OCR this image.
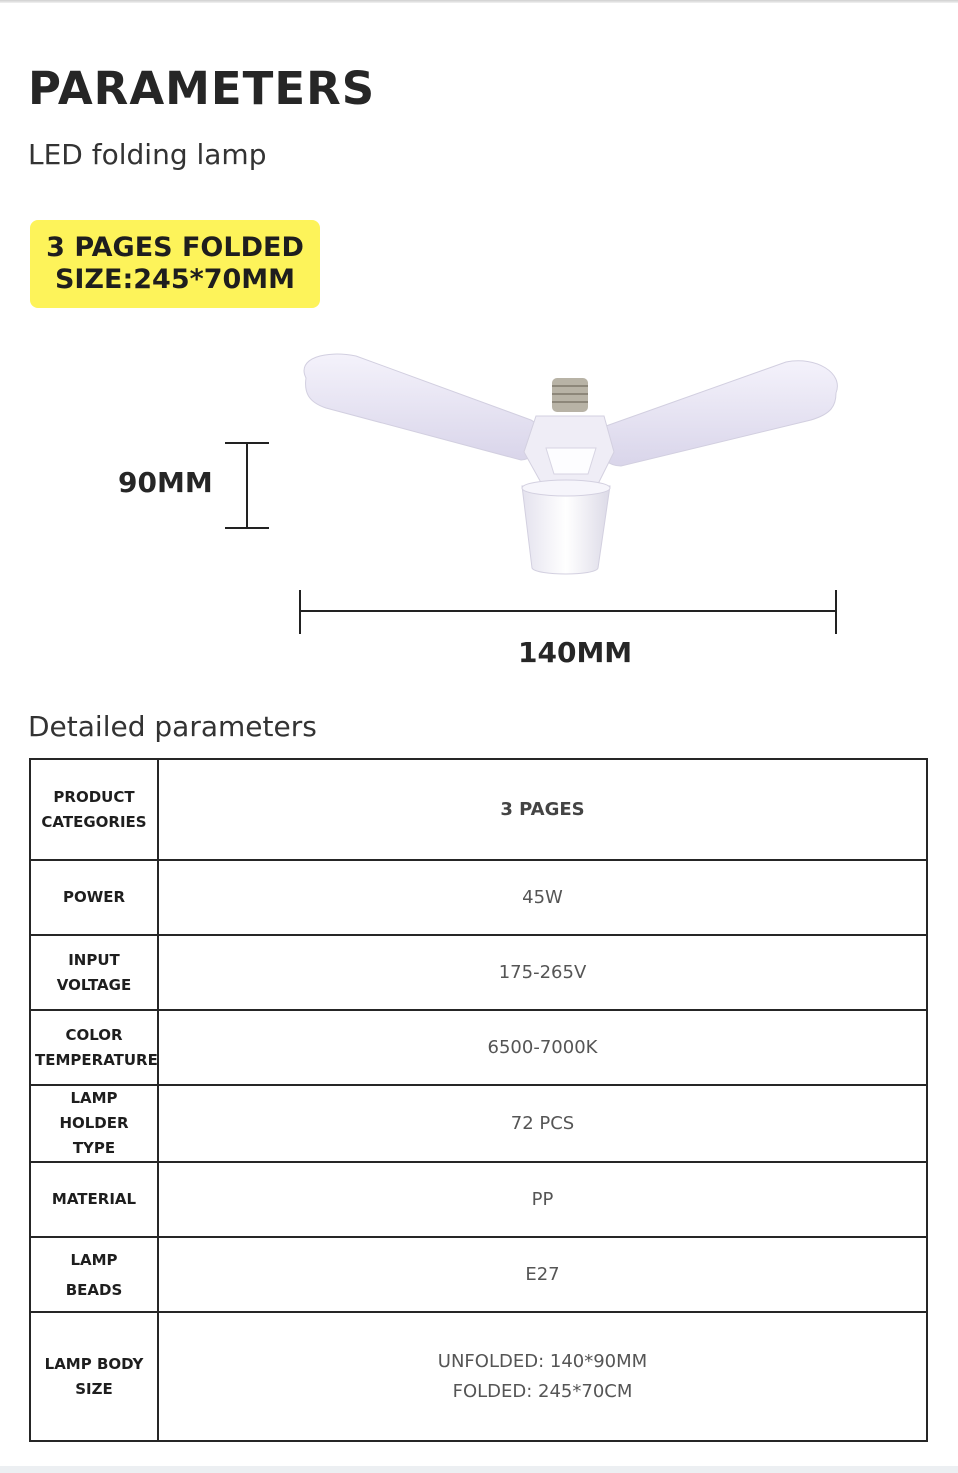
PARAMETERS
LED folding lamp
3 PAGES FOLDED
SIZE:245*70MM
90MM
140MM
Detailed parameters
PRODUCT
CATEGORIES	3 PAGES

POWER	45W

INPUT
VOLTAGE	175-265V

COLOR
TEMPERATURE	6500-7000K

LAMP
HOLDER
TYPE	72 PCS

MATERIAL	PP

LAMP
BEADS	E27

LAMP BODY
SIZE	UNFOLDED: 140*90MM
FOLDED: 245*70CM
